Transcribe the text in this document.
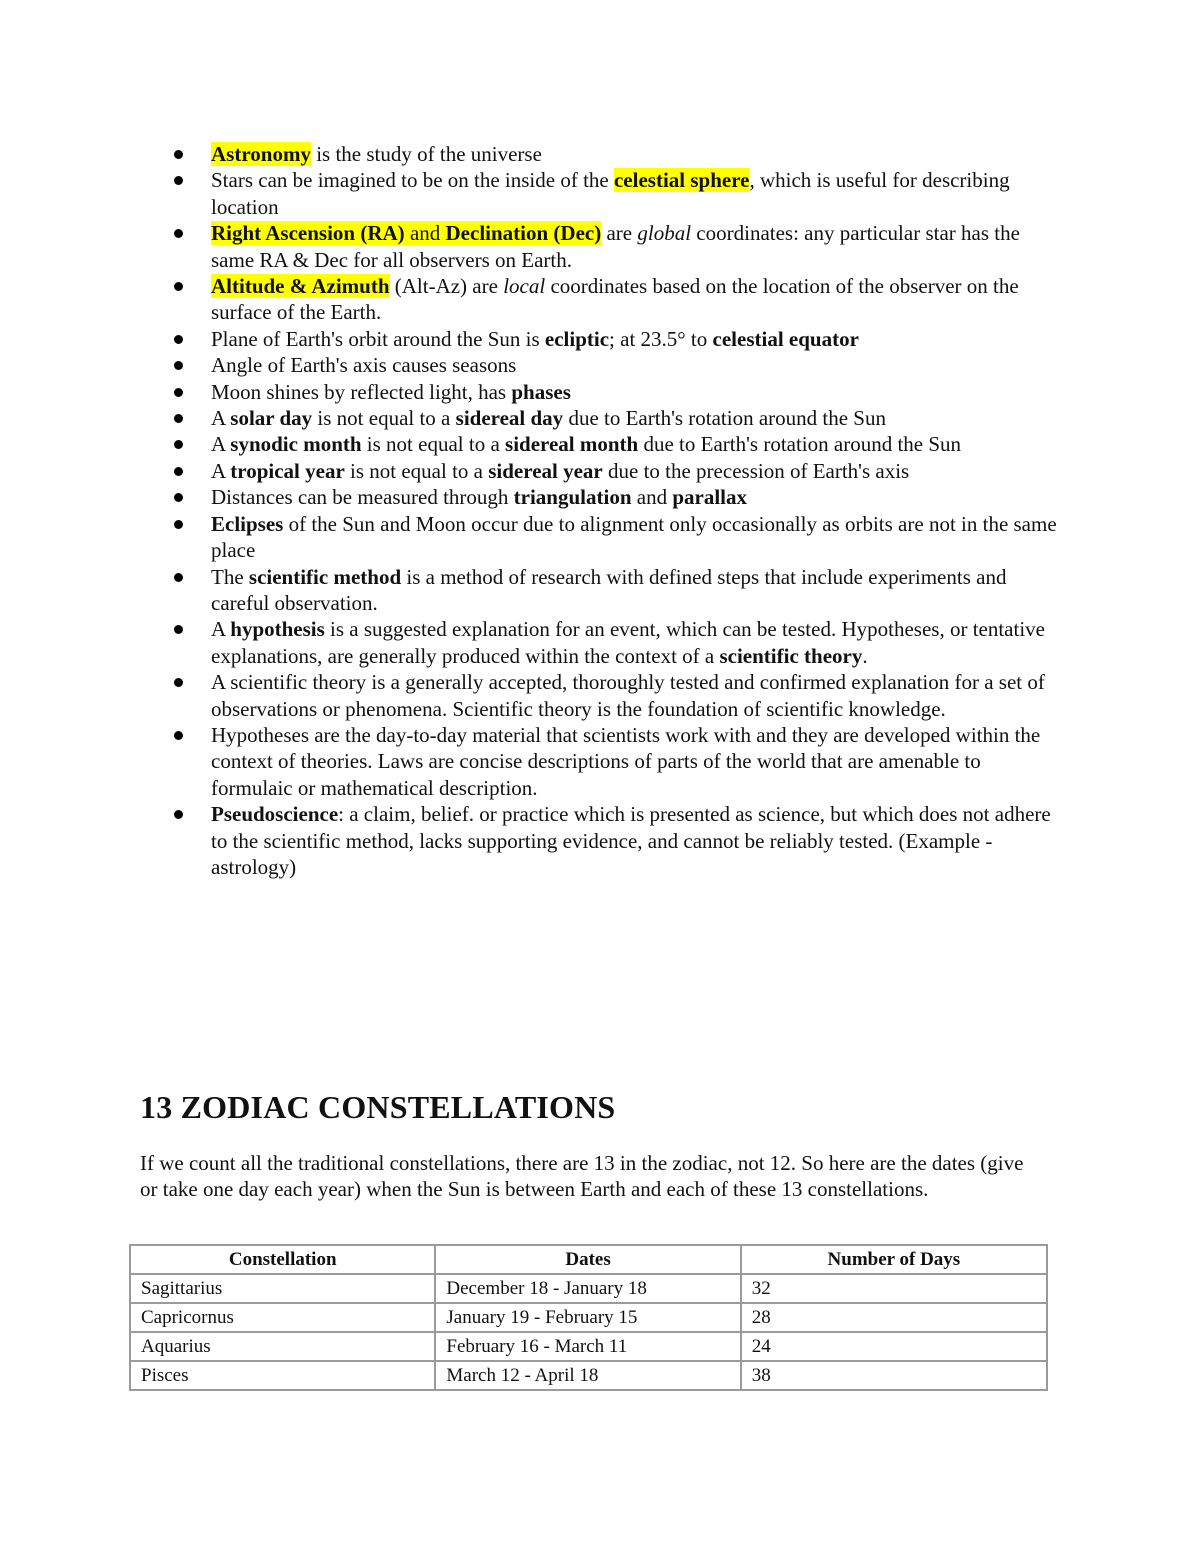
Astronomy is the study of the universe
Stars can be imagined to be on the inside of the celestial sphere, which is useful for describing location
Right Ascension (RA) and Declination (Dec) are global coordinates: any particular star has the same RA & Dec for all observers on Earth.
Altitude & Azimuth (Alt-Az) are local coordinates based on the location of the observer on the surface of the Earth.
Plane of Earth's orbit around the Sun is ecliptic; at 23.5° to celestial equator
Angle of Earth's axis causes seasons
Moon shines by reflected light, has phases
A solar day is not equal to a sidereal day due to Earth's rotation around the Sun
A synodic month is not equal to a sidereal month due to Earth's rotation around the Sun
A tropical year is not equal to a sidereal year due to the precession of Earth's axis
Distances can be measured through triangulation and parallax
Eclipses of the Sun and Moon occur due to alignment only occasionally as orbits are not in the same place
The scientific method is a method of research with defined steps that include experiments and careful observation.
A hypothesis is a suggested explanation for an event, which can be tested. Hypotheses, or tentative explanations, are generally produced within the context of a scientific theory.
A scientific theory is a generally accepted, thoroughly tested and confirmed explanation for a set of observations or phenomena. Scientific theory is the foundation of scientific knowledge.
Hypotheses are the day-to-day material that scientists work with and they are developed within the context of theories. Laws are concise descriptions of parts of the world that are amenable to formulaic or mathematical description.
Pseudoscience: a claim, belief. or practice which is presented as science, but which does not adhere to the scientific method, lacks supporting evidence, and cannot be reliably tested. (Example - astrology)
13 ZODIAC CONSTELLATIONS

If we count all the traditional constellations, there are 13 in the zodiac, not 12. So here are the dates (give or take one day each year) when the Sun is between Earth and each of these 13 constellations.

Constellation	Dates	Number of Days
Sagittarius	December 18 - January 18	32
Capricornus	January 19 - February 15	28
Aquarius	February 16 - March 11	24
Pisces	March 12 - April 18	38
